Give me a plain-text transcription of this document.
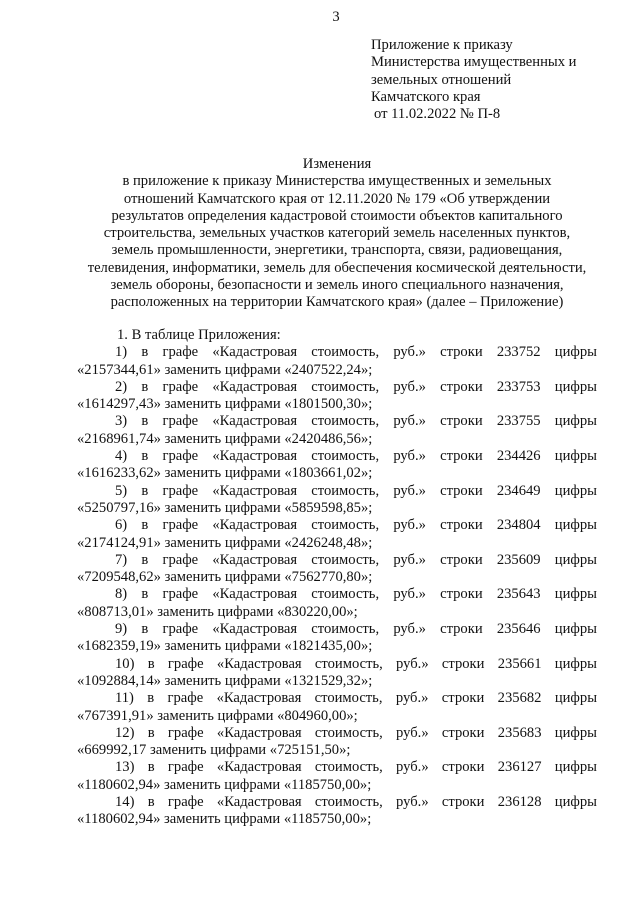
3
Приложение к приказу
Министерства имущественных и
земельных отношений
Камчатского края
от 11.02.2022 № П-8
Изменения
в приложение к приказу Министерства имущественных и земельных
отношений Камчатского края от 12.11.2020 № 179 «Об утверждении
результатов определения кадастровой стоимости объектов капитального
строительства, земельных участков категорий земель населенных пунктов,
земель промышленности, энергетики, транспорта, связи, радиовещания,
телевидения, информатики, земель для обеспечения космической деятельности,
земель обороны, безопасности и земель иного специального назначения,
расположенных на территории Камчатского края» (далее – Приложение)
1. В таблице Приложения:
1) в графе «Кадастровая стоимость, руб.» строки 233752 цифры
«2157344,61» заменить цифрами «2407522,24»;
2) в графе «Кадастровая стоимость, руб.» строки 233753 цифры
«1614297,43» заменить цифрами «1801500,30»;
3) в графе «Кадастровая стоимость, руб.» строки 233755 цифры
«2168961,74» заменить цифрами «2420486,56»;
4) в графе «Кадастровая стоимость, руб.» строки 234426 цифры
«1616233,62» заменить цифрами «1803661,02»;
5) в графе «Кадастровая стоимость, руб.» строки 234649 цифры
«5250797,16» заменить цифрами «5859598,85»;
6) в графе «Кадастровая стоимость, руб.» строки 234804 цифры
«2174124,91» заменить цифрами «2426248,48»;
7) в графе «Кадастровая стоимость, руб.» строки 235609 цифры
«7209548,62» заменить цифрами «7562770,80»;
8) в графе «Кадастровая стоимость, руб.» строки 235643 цифры
«808713,01» заменить цифрами «830220,00»;
9) в графе «Кадастровая стоимость, руб.» строки 235646 цифры
«1682359,19» заменить цифрами «1821435,00»;
10) в графе «Кадастровая стоимость, руб.» строки 235661 цифры
«1092884,14» заменить цифрами «1321529,32»;
11) в графе «Кадастровая стоимость, руб.» строки 235682 цифры
«767391,91» заменить цифрами «804960,00»;
12) в графе «Кадастровая стоимость, руб.» строки 235683 цифры
«669992,17 заменить цифрами «725151,50»;
13) в графе «Кадастровая стоимость, руб.» строки 236127 цифры
«1180602,94» заменить цифрами «1185750,00»;
14) в графе «Кадастровая стоимость, руб.» строки 236128 цифры
«1180602,94» заменить цифрами «1185750,00»;
